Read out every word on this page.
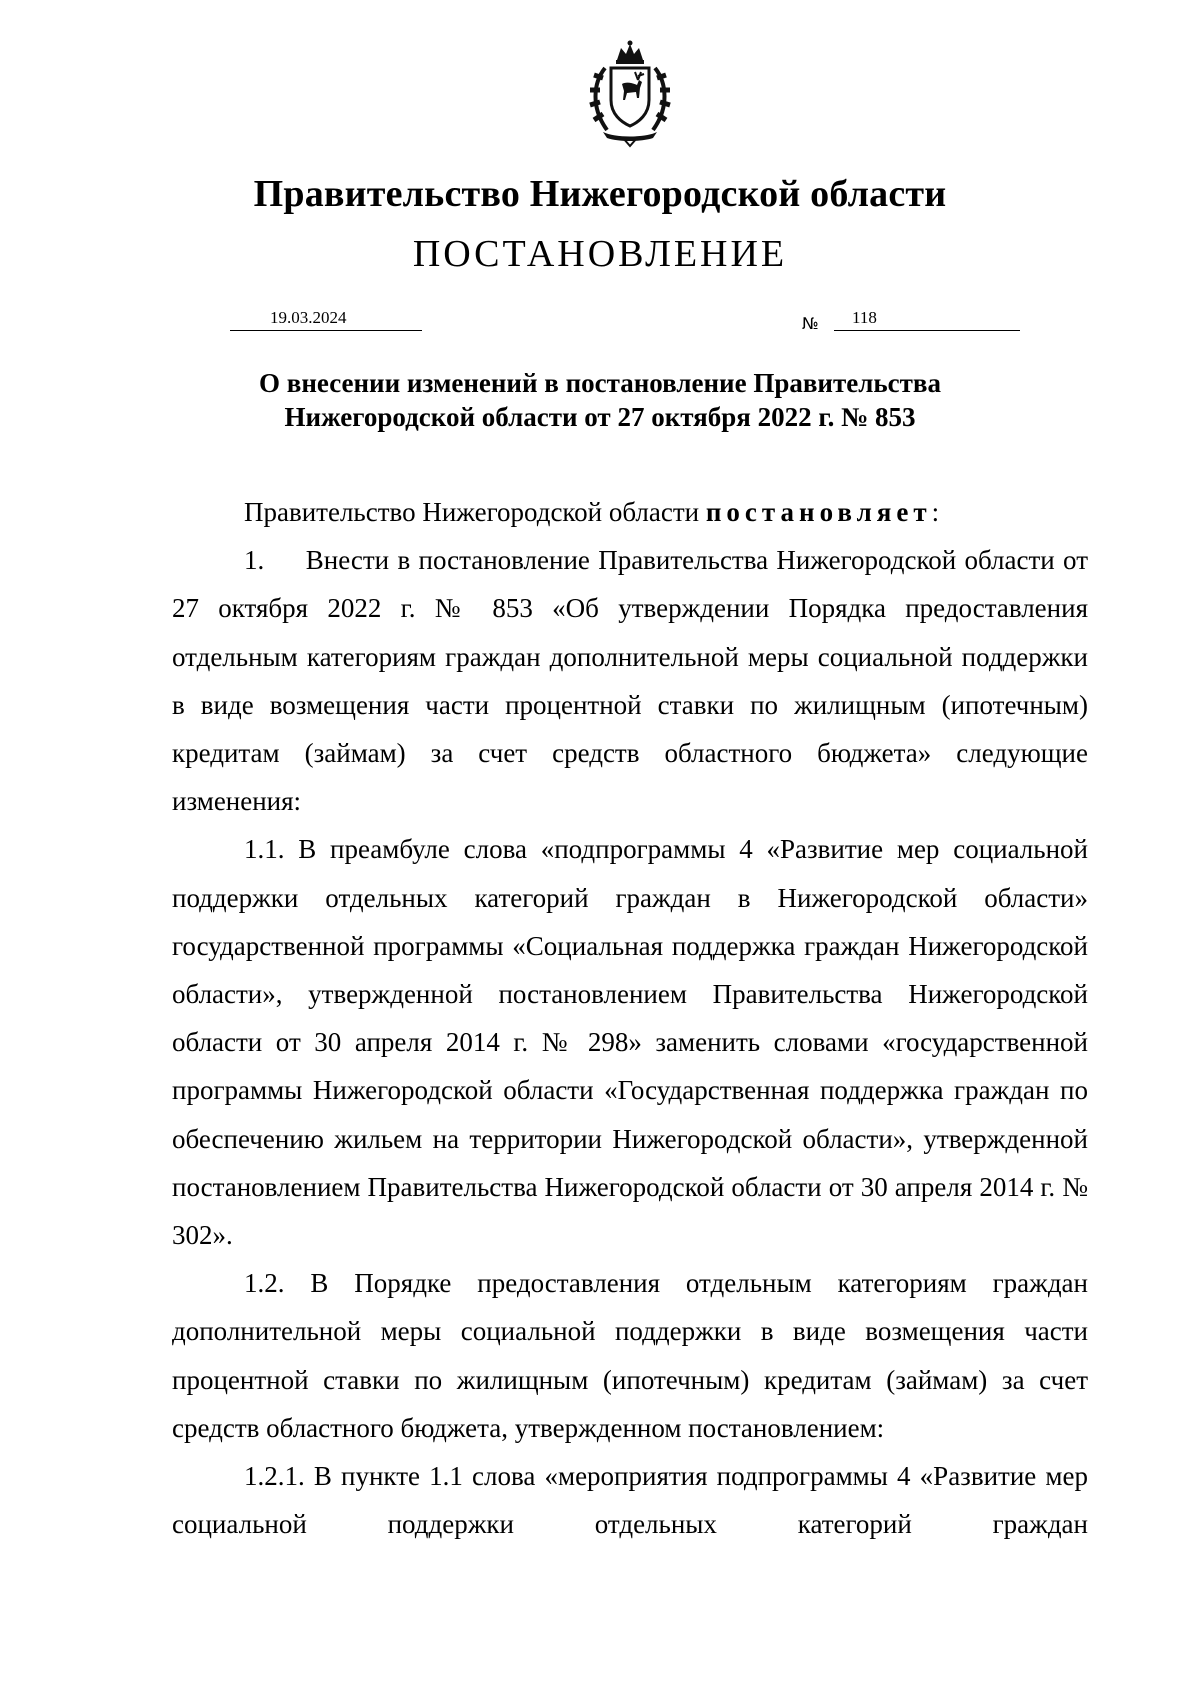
Правительство Нижегородской области
ПОСТАНОВЛЕНИЕ
19.03.2024	№ 118
О внесении изменений в постановление Правительства
Нижегородской области от 27 октября 2022 г. № 853

Правительство Нижегородской области постановляет:

1.     Внести в постановление Правительства Нижегородской области от 27 октября 2022 г. № 853 «Об утверждении Порядка предоставления отдельным категориям граждан дополнительной меры социальной поддержки в виде возмещения части процентной ставки по жилищным (ипотечным) кредитам (займам) за счет средств областного бюджета» следующие изменения:

1.1. В преамбуле слова «подпрограммы 4 «Развитие мер социальной поддержки отдельных категорий граждан в Нижегородской области» государственной программы «Социальная поддержка граждан Нижегородской области», утвержденной постановлением Правительства Нижегородской области от 30 апреля 2014 г. № 298» заменить словами «государственной программы Нижегородской области «Государственная поддержка граждан по обеспечению жильем на территории Нижегородской области», утвержденной постановлением Правительства Нижегородской области от 30 апреля 2014 г. № 302».

1.2. В Порядке предоставления отдельным категориям граждан дополнительной меры социальной поддержки в виде возмещения части процентной ставки по жилищным (ипотечным) кредитам (займам) за счет средств областного бюджета, утвержденном постановлением:

1.2.1. В пункте 1.1 слова «мероприятия подпрограммы 4 «Развитие мер социальной поддержки отдельных категорий граждан
